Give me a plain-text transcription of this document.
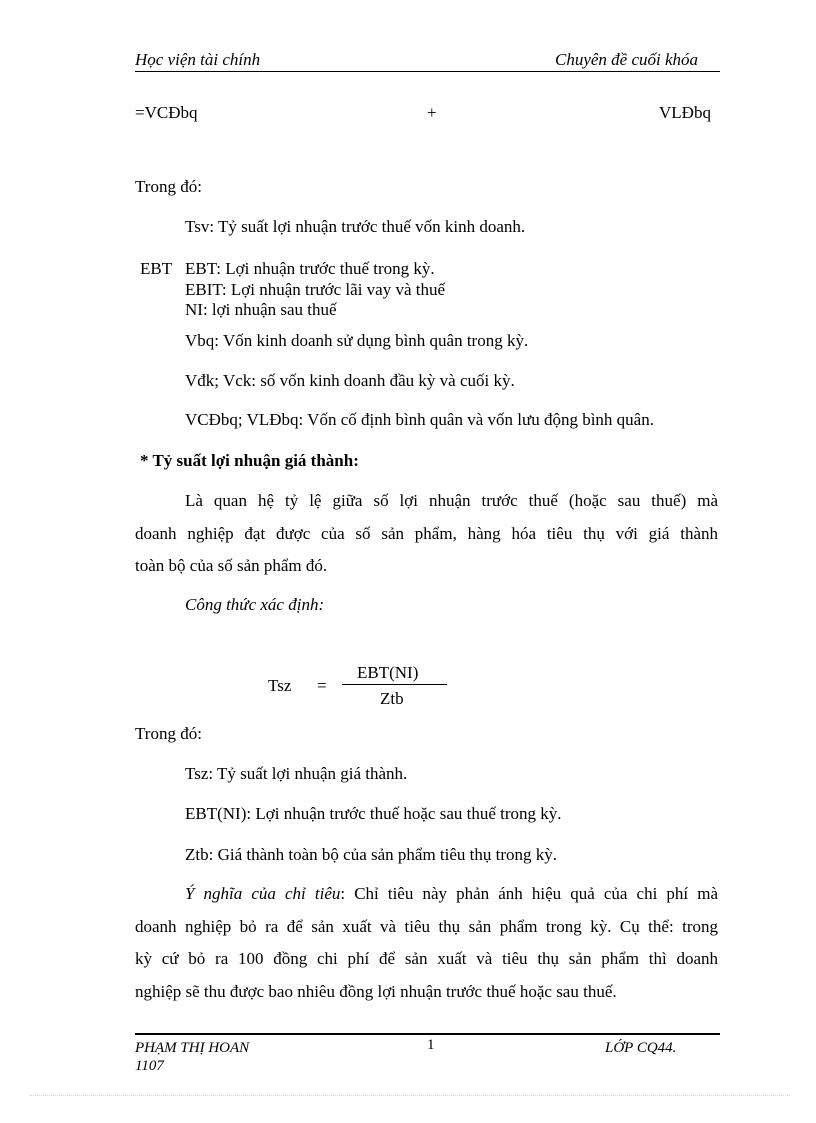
Học viện tài chính	Chuyên đề cuối khóa
=VCĐbq	+	VLĐbq
Trong đó:
Tsv: Tỷ suất lợi nhuận trước thuế vốn kinh doanh.
EBT EBT: Lợi nhuận trước thuế trong kỳ.
EBIT: Lợi nhuận trước lãi vay và thuế
NI: lợi nhuận sau thuế
Vbq: Vốn kinh doanh sử dụng bình quân trong kỳ.
Vđk; Vck: số vốn kinh doanh đầu kỳ và cuối kỳ.
VCĐbq; VLĐbq: Vốn cố định bình quân và vốn lưu động bình quân.
* Tỷ suất lợi nhuận giá thành:
Là quan hệ tỷ lệ giữa số lợi nhuận trước thuế (hoặc sau thuế) mà
doanh nghiệp đạt được của số sản phẩm, hàng hóa tiêu thụ với giá thành
toàn bộ của số sản phẩm đó.
Công thức xác định:
Tsz =
EBT(NI)
Ztb
Trong đó:
Tsz: Tỷ suất lợi nhuận giá thành.
EBT(NI): Lợi nhuận trước thuế hoặc sau thuế trong kỳ.
Ztb: Giá thành toàn bộ của sản phẩm tiêu thụ trong kỳ.
Ý nghĩa của chỉ tiêu: Chỉ tiêu này phản ánh hiệu quả của chi phí mà
doanh nghiệp bỏ ra để sản xuất và tiêu thụ sản phẩm trong kỳ. Cụ thể: trong
kỳ cứ bỏ ra 100 đồng chi phí để sản xuất và tiêu thụ sản phẩm thì doanh
nghiệp sẽ thu được bao nhiêu đồng lợi nhuận trước thuế hoặc sau thuế.
PHẠM THỊ HOAN	1	LỚP CQ44.
1107
